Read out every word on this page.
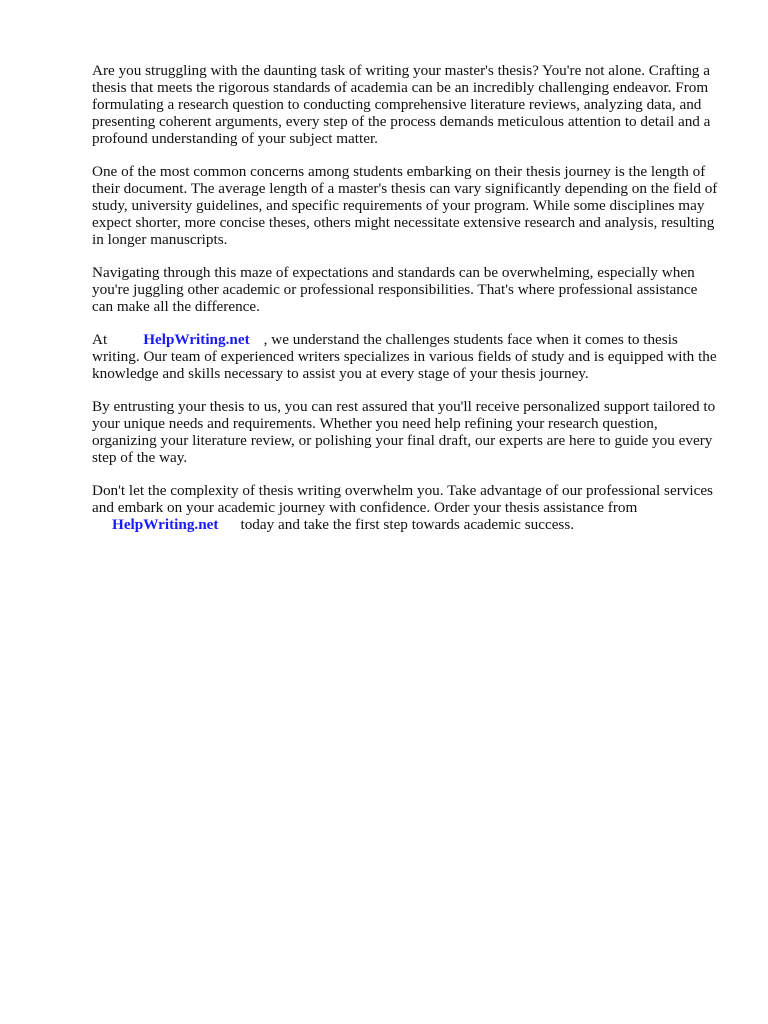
Are you struggling with the daunting task of writing your master's thesis? You're not alone. Crafting a thesis that meets the rigorous standards of academia can be an incredibly challenging endeavor. From formulating a research question to conducting comprehensive literature reviews, analyzing data, and presenting coherent arguments, every step of the process demands meticulous attention to detail and a profound understanding of your subject matter.

One of the most common concerns among students embarking on their thesis journey is the length of their document. The average length of a master's thesis can vary significantly depending on the field of study, university guidelines, and specific requirements of your program. While some disciplines may expect shorter, more concise theses, others might necessitate extensive research and analysis, resulting in longer manuscripts.

Navigating through this maze of expectations and standards can be overwhelming, especially when you're juggling other academic or professional responsibilities. That's where professional assistance can make all the difference.

At HelpWriting.net , we understand the challenges students face when it comes to thesis writing. Our team of experienced writers specializes in various fields of study and is equipped with the knowledge and skills necessary to assist you at every stage of your thesis journey.

By entrusting your thesis to us, you can rest assured that you'll receive personalized support tailored to your unique needs and requirements. Whether you need help refining your research question, organizing your literature review, or polishing your final draft, our experts are here to guide you every step of the way.

Don't let the complexity of thesis writing overwhelm you. Take advantage of our professional services and embark on your academic journey with confidence. Order your thesis assistance from
HelpWriting.net today and take the first step towards academic success.
